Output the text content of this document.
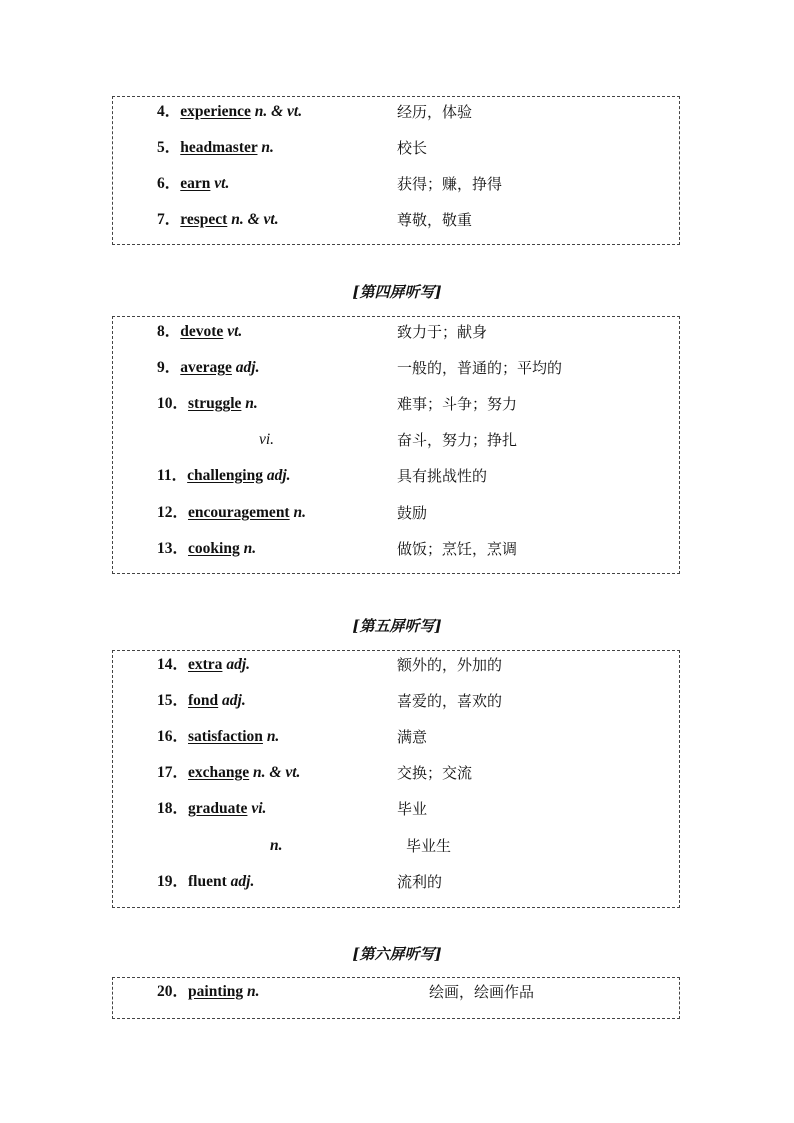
4．experience n. & vt.	经历，体验
5．headmaster n.	校长
6．earn vt.	获得；赚，挣得
7．respect n. & vt.	尊敬，敬重
[第四屏听写]
8．devote vt.	致力于；献身
9．average adj.	一般的，普通的；平均的
10．struggle n.	难事；斗争；努力
vi.	奋斗，努力；挣扎
11．challenging adj.	具有挑战性的
12．encouragement n.	鼓励
13．cooking n.	做饭；烹饪，烹调
[第五屏听写]
14．extra adj.	额外的，外加的
15．fond adj.	喜爱的，喜欢的
16．satisfaction n.	满意
17．exchange n. & vt.	交换；交流
18．graduate vi.	毕业
n.	毕业生
19．fluent adj.	流利的
[第六屏听写]
20．painting n.	绘画，绘画作品
